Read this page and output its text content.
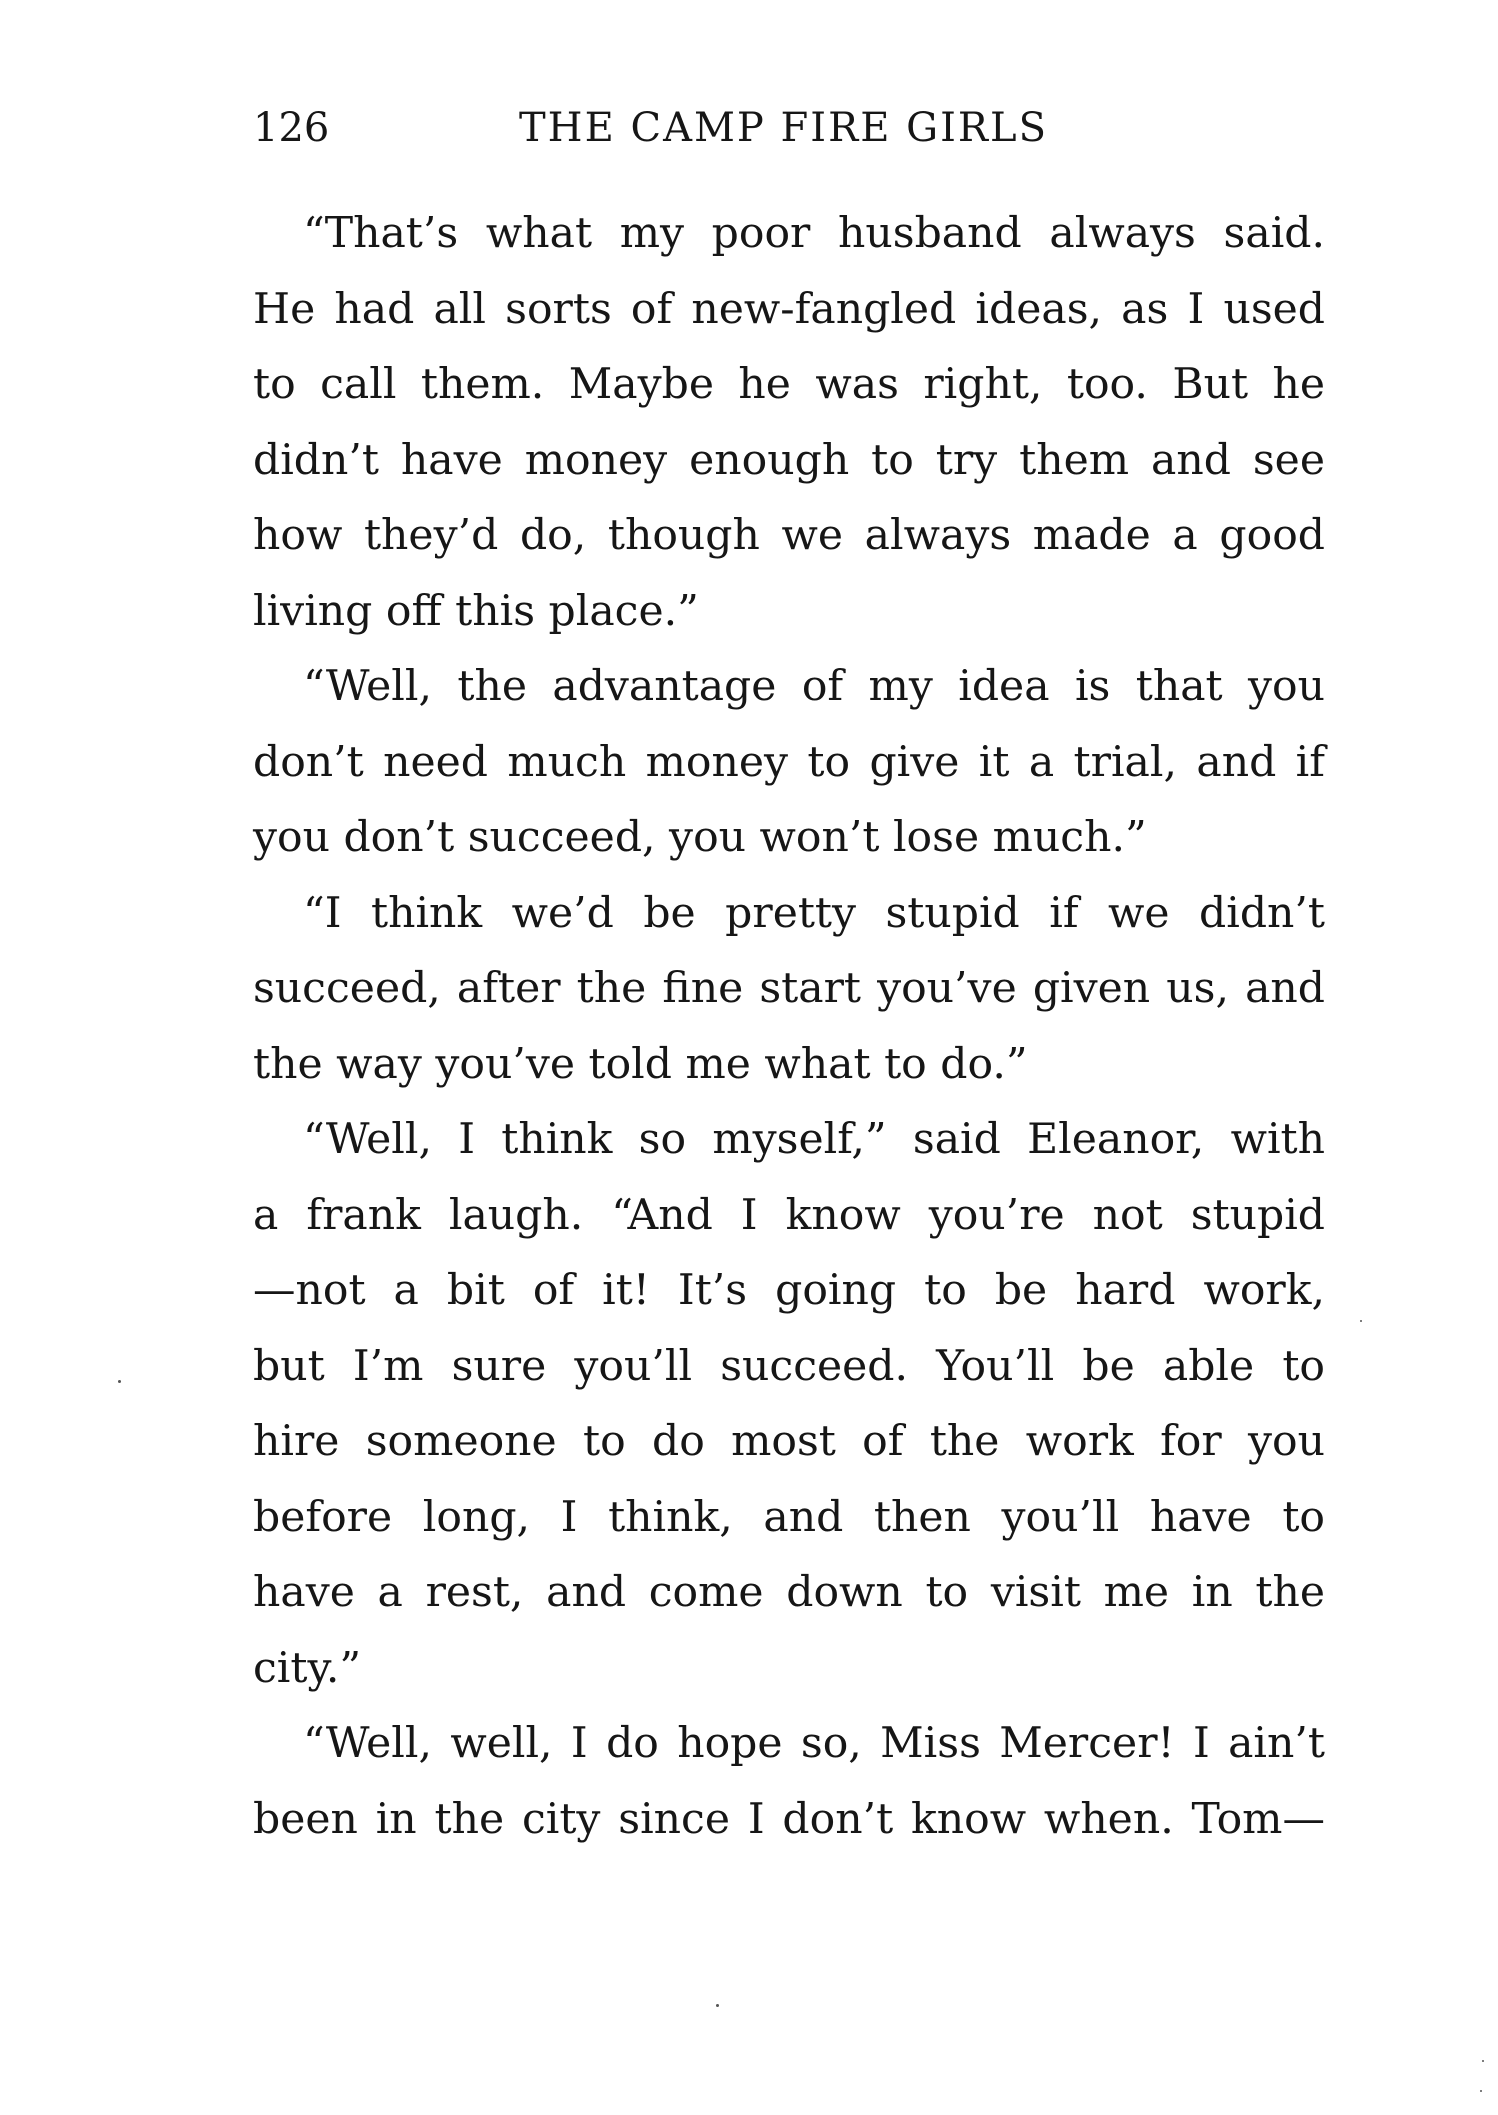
126	THE CAMP FIRE GIRLS
“That’s what my poor husband always said.
He had all sorts of new-fangled ideas, as I used
to call them. Maybe he was right, too. But he
didn’t have money enough to try them and see
how they’d do, though we always made a good
living off this place.”
“Well, the advantage of my idea is that you
don’t need much money to give it a trial, and if
you don’t succeed, you won’t lose much.”
“I think we’d be pretty stupid if we didn’t
succeed, after the fine start you’ve given us, and
the way you’ve told me what to do.”
“Well, I think so myself,” said Eleanor, with
a frank laugh. “And I know you’re not stupid
—not a bit of it! It’s going to be hard work,
but I’m sure you’ll succeed. You’ll be able to
hire someone to do most of the work for you
before long, I think, and then you’ll have to
have a rest, and come down to visit me in the
city.”
“Well, well, I do hope so, Miss Mercer! I ain’t
been in the city since I don’t know when. Tom—
